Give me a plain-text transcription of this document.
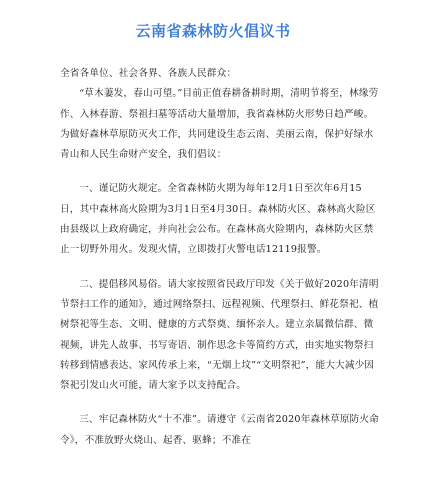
云南省森林防火倡议书

全省各单位、社会各界、各族人民群众：

“草木萋发，春山可望。”目前正值春耕备耕时期，清明节将至，林缘劳作、入林春游、祭祖扫墓等活动大量增加，我省森林防火形势日趋严峻。为做好森林草原防灭火工作，共同建设生态云南、美丽云南，保护好绿水青山和人民生命财产安全，我们倡议：

一、谨记防火规定。全省森林防火期为每年12月1日至次年6月15日，其中森林高火险期为3月1日至4月30日。森林防火区、森林高火险区由县级以上政府确定，并向社会公布。在森林高火险期内，森林防火区禁止一切野外用火。发现火情，立即拨打火警电话12119报警。

二、提倡移风易俗。请大家按照省民政厅印发《关于做好2020年清明节祭扫工作的通知》，通过网络祭扫、远程视频、代理祭扫、鲜花祭祀、植树祭祀等生态、文明、健康的方式祭奠、缅怀亲人。建立亲属微信群、微视频，讲先人故事、书写寄语、制作思念卡等简约方式，由实地实物祭扫转移到情感表达、家风传承上来，“无烟上坟”“文明祭祀”，能大大减少因祭祀引发山火可能，请大家予以支持配合。

三、牢记森林防火“十不准”。请遵守《云南省2020年森林草原防火命令》，不准放野火烧山、起香、驱蜂；不准在
